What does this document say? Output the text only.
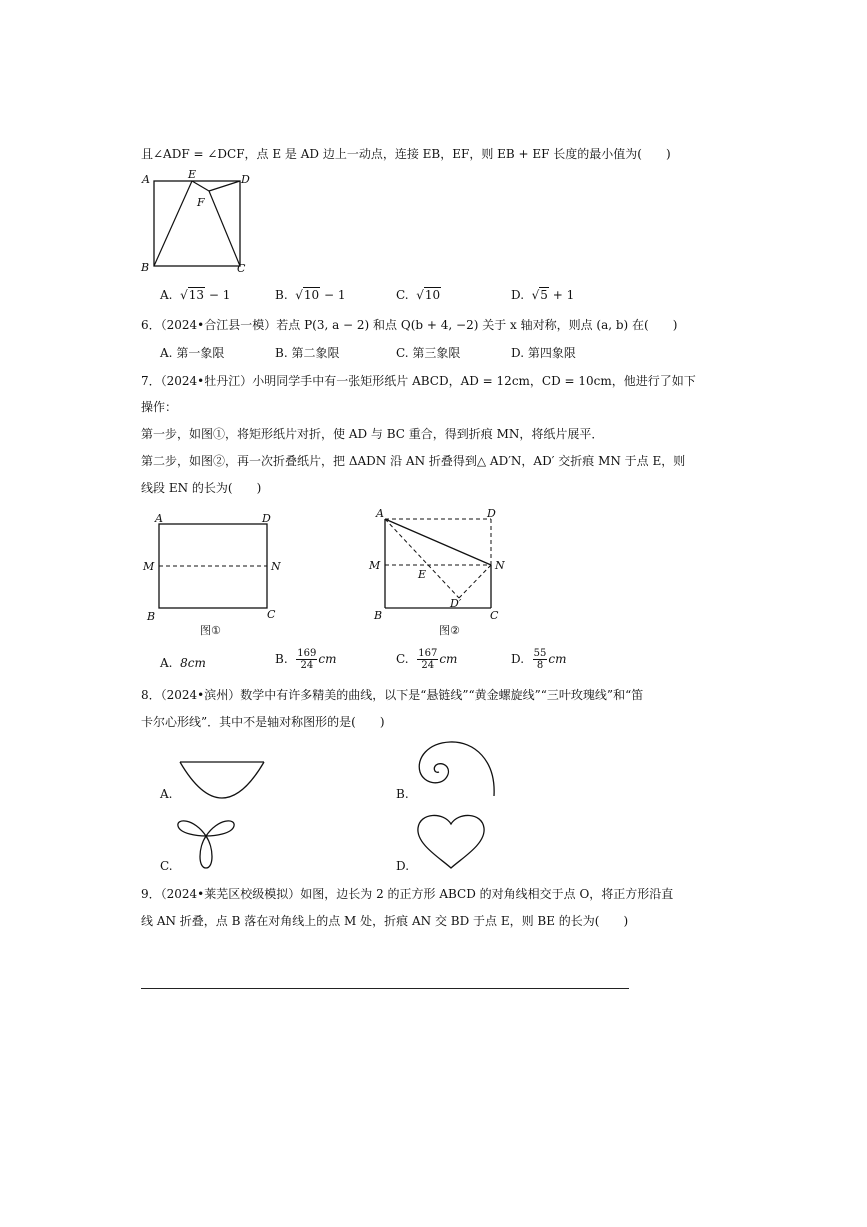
且∠ADF = ∠DCF，点 E 是 AD 边上一动点，连接 EB，EF，则 EB + EF 长度的最小值为(　　)
A	E	D
F
B	C
A.  √13 − 1	B.  √10 − 1	C.  √10	D.  √5 + 1
6．（2024•合江县一模）若点 P(3, a − 2) 和点 Q(b + 4, −2) 关于 x 轴对称，则点 (a, b) 在(　　)
A. 第一象限	B. 第二象限	C. 第三象限	D. 第四象限
7．（2024•牡丹江）小明同学手中有一张矩形纸片 ABCD，AD = 12cm，CD = 10cm，他进行了如下
操作：
第一步，如图①，将矩形纸片对折，使 AD 与 BC 重合，得到折痕 MN，将纸片展平．
第二步，如图②，再一次折叠纸片，把 ΔADN 沿 AN 折叠得到△ AD′N，AD′ 交折痕 MN 于点 E，则
线段 EN 的长为(　　)
A	D
M	N
B	C
图①
A	D
M	N
E
D′
B	C
图②
A. 8cm	B. $\frac{169}{24}$ cm	C. $\frac{167}{24}$ cm	D. $\frac{55}{8}$ cm
8．（2024•滨州）数学中有许多精美的曲线，以下是“悬链线”“黄金螺旋线”“三叶玫瑰线”和“笛
卡尔心形线”．其中不是轴对称图形的是(　　)
A.	B.
C.	D.
9．（2024•莱芜区校级模拟）如图，边长为 2 的正方形 ABCD 的对角线相交于点 O，将正方形沿直
线 AN 折叠，点 B 落在对角线上的点 M 处，折痕 AN 交 BD 于点 E，则 BE 的长为(　　)
